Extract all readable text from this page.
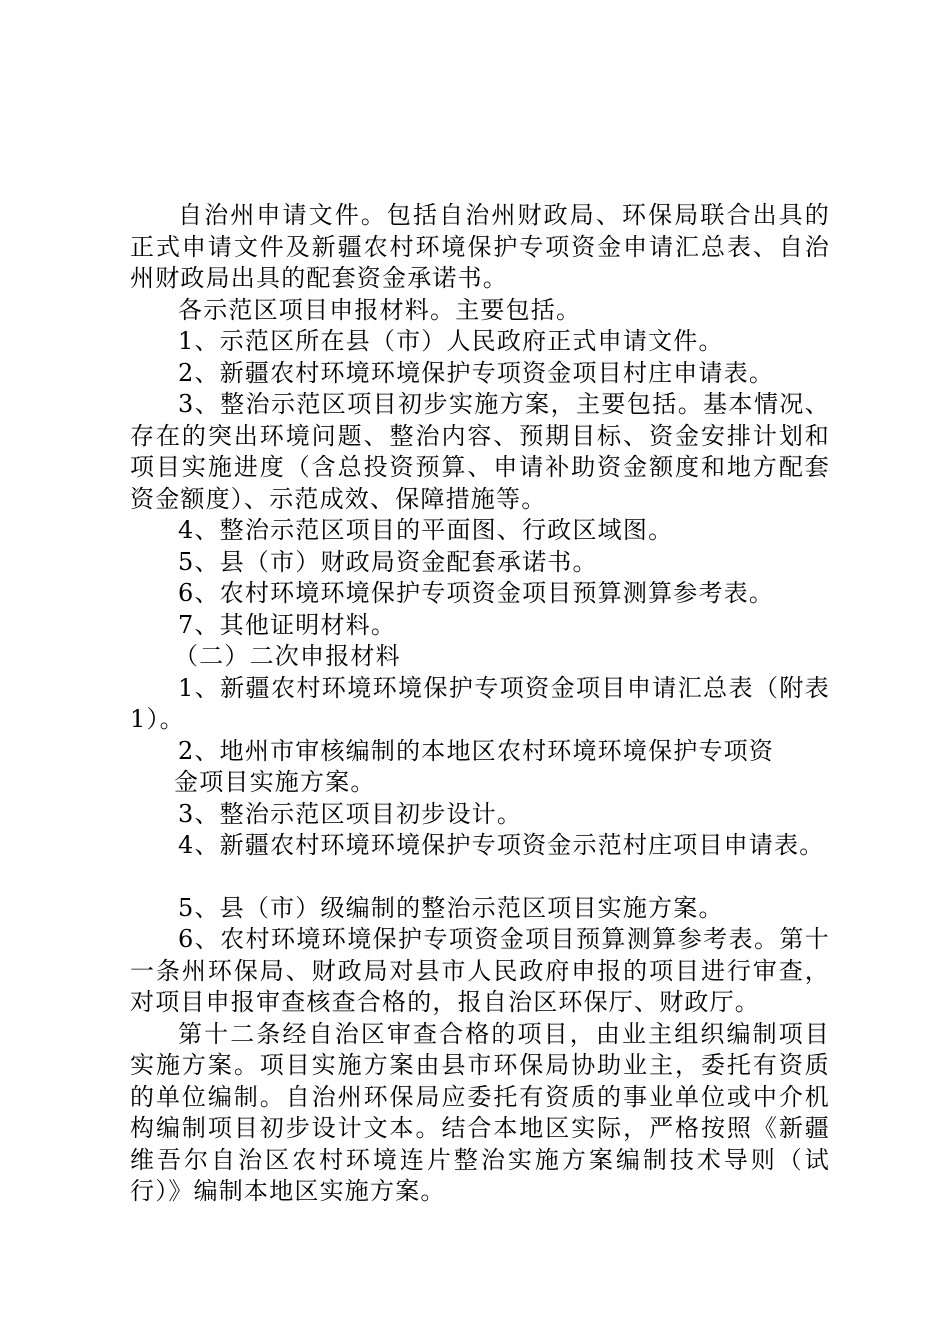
自治州申请文件。包括自治州财政局、环保局联合出具的正式申请文件及新疆农村环境保护专项资金申请汇总表、自治州财政局出具的配套资金承诺书。

各示范区项目申报材料。主要包括。

1、示范区所在县（市）人民政府正式申请文件。

2、新疆农村环境环境保护专项资金项目村庄申请表。

3、整治示范区项目初步实施方案，主要包括。基本情况、存在的突出环境问题、整治内容、预期目标、资金安排计划和项目实施进度（含总投资预算、申请补助资金额度和地方配套资金额度）、示范成效、保障措施等。

4、整治示范区项目的平面图、行政区域图。

5、县（市）财政局资金配套承诺书。

6、农村环境环境保护专项资金项目预算测算参考表。

7、其他证明材料。

（二）二次申报材料

1、新疆农村环境环境保护专项资金项目申请汇总表（附表1）。

2、地州市审核编制的本地区农村环境环境保护专项资

金项目实施方案。

3、整治示范区项目初步设计。

4、新疆农村环境环境保护专项资金示范村庄项目申请表。

5、县（市）级编制的整治示范区项目实施方案。

6、农村环境环境保护专项资金项目预算测算参考表。第十一条州环保局、财政局对县市人民政府申报的项目进行审查，对项目申报审查核查合格的，报自治区环保厅、财政厅。

第十二条经自治区审查合格的项目，由业主组织编制项目实施方案。项目实施方案由县市环保局协助业主，委托有资质的单位编制。自治州环保局应委托有资质的事业单位或中介机构编制项目初步设计文本。结合本地区实际，严格按照《新疆维吾尔自治区农村环境连片整治实施方案编制技术导则（试行）》编制本地区实施方案。
